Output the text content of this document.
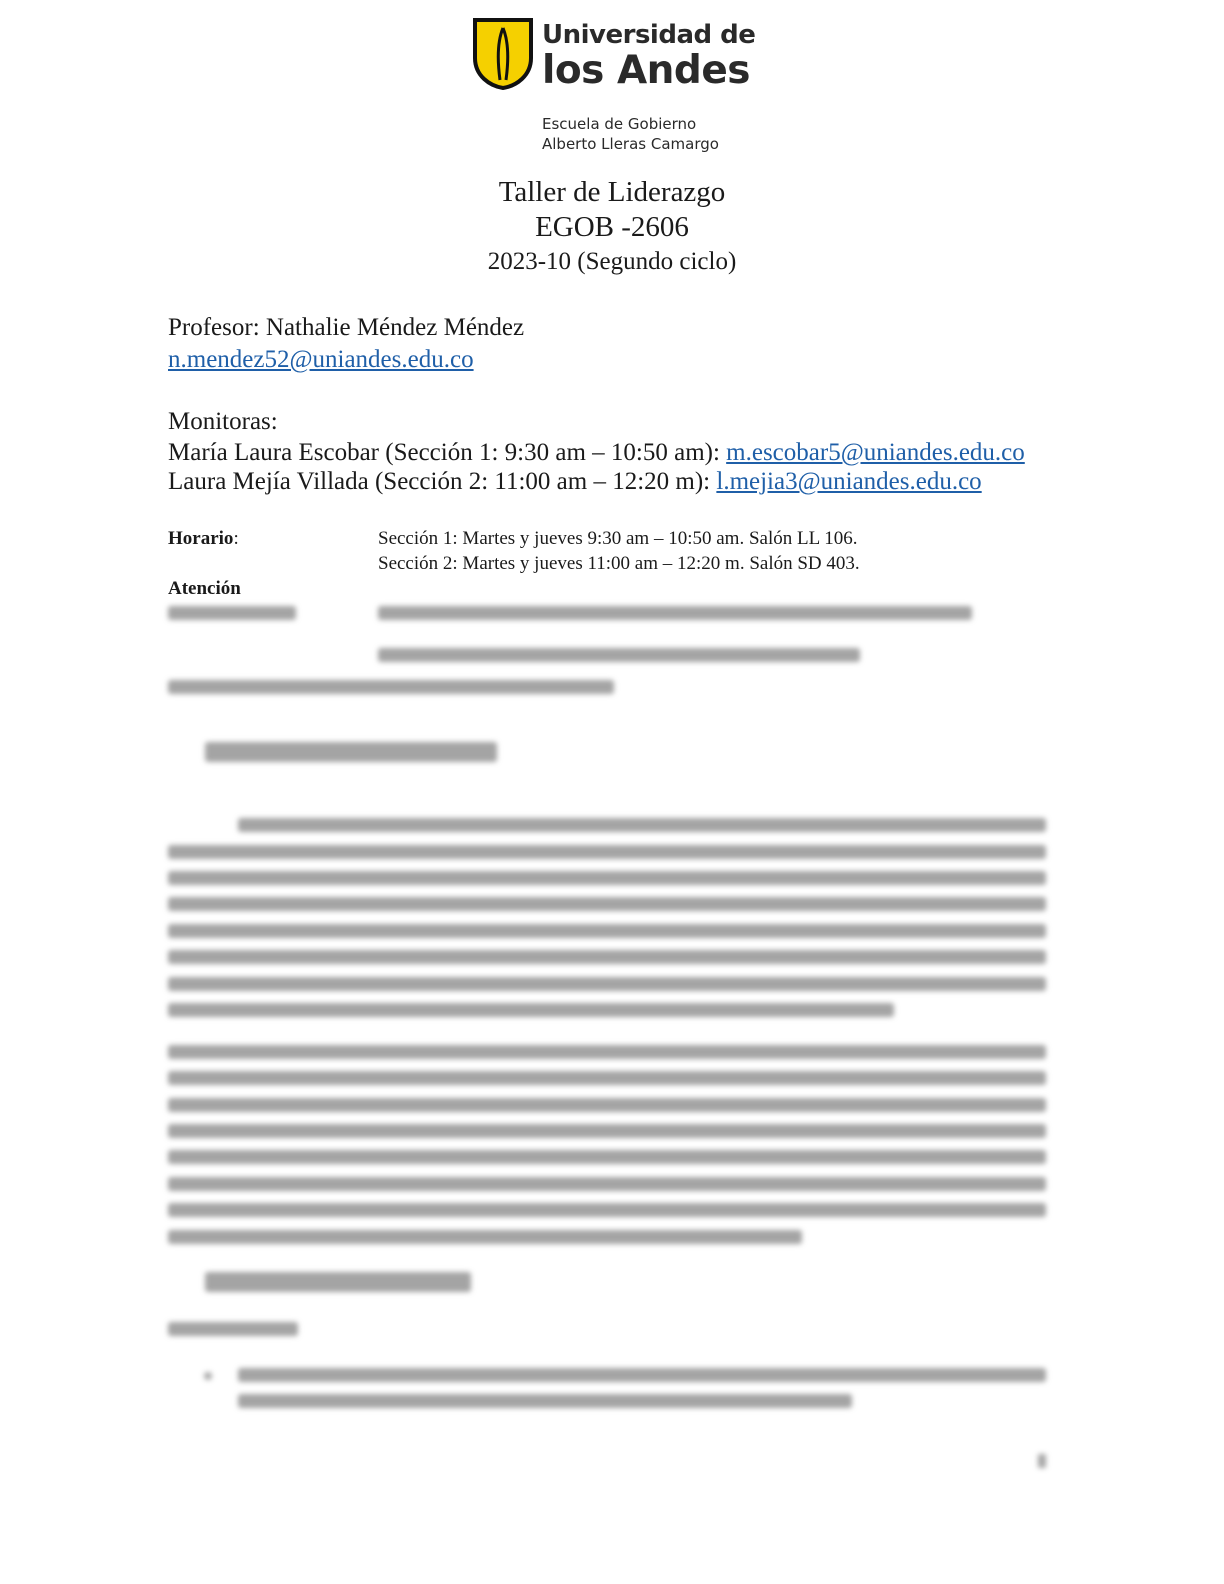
Universidad de
los Andes
Escuela de Gobierno
Alberto Lleras Camargo
Taller de Liderazgo
EGOB -2606
2023-10 (Segundo ciclo)
Profesor: Nathalie Méndez Méndez
n.mendez52@uniandes.edu.co
Monitoras:
María Laura Escobar (Sección 1: 9:30 am – 10:50 am): m.escobar5@uniandes.edu.co
Laura Mejía Villada (Sección 2: 11:00 am – 12:20 m): l.mejia3@uniandes.edu.co
Horario:	Sección 1: Martes y jueves 9:30 am – 10:50 am. Salón LL 106.
Sección 2: Martes y jueves 11:00 am – 12:20 m. Salón SD 403.
Atención
